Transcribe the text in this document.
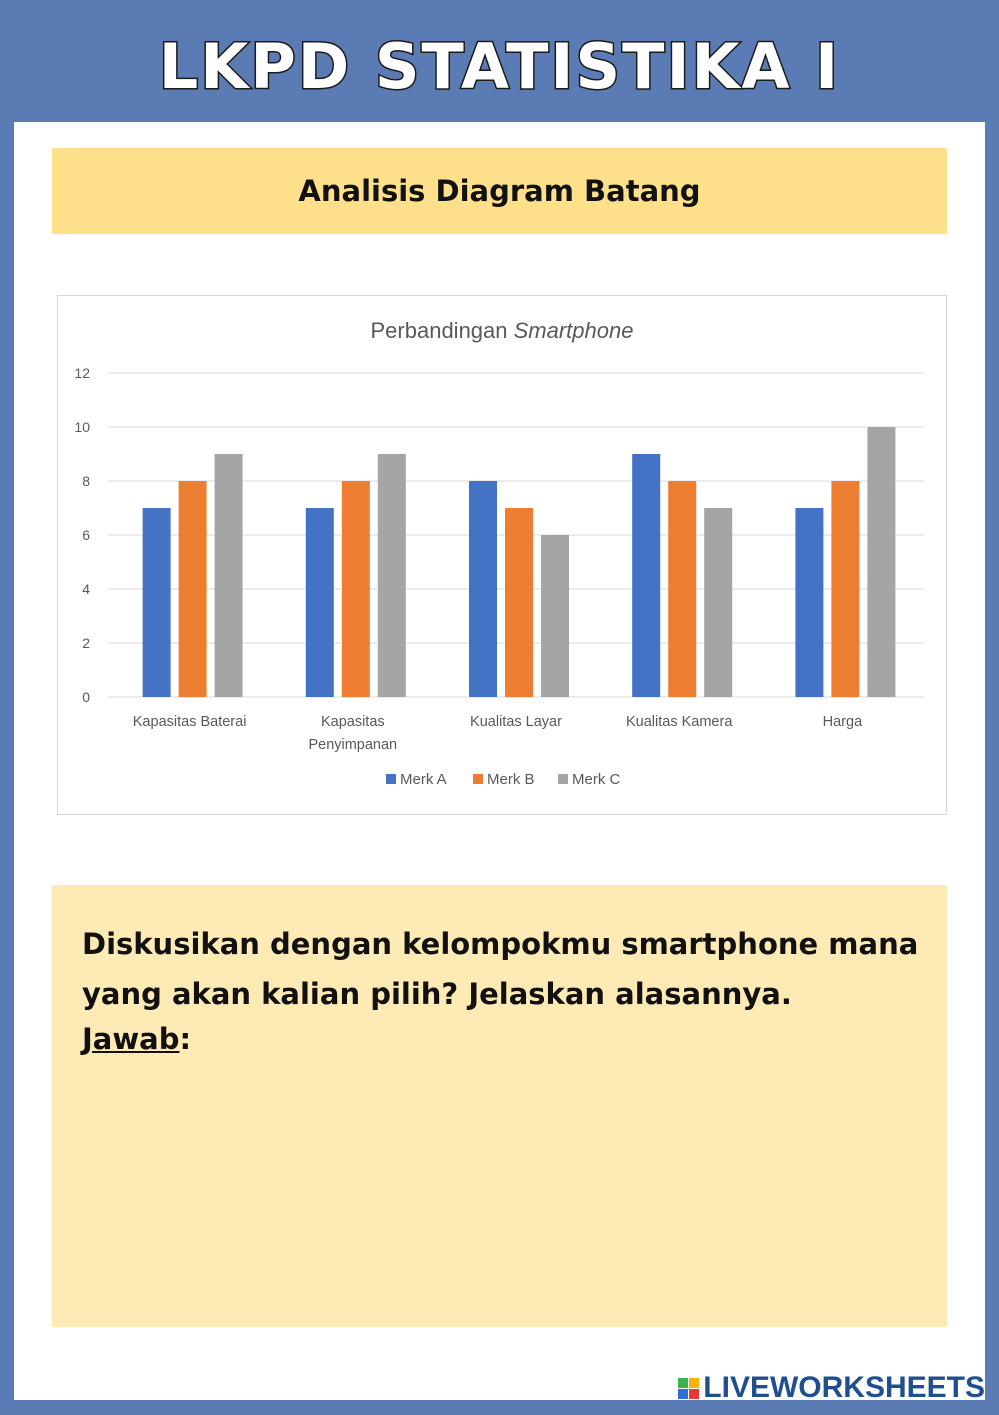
LKPD STATISTIKA I
Analisis Diagram Batang
Perbandingan Smartphone
0
2
4
6
8
10
12
Kapasitas Baterai	Kapasitas
Penyimpanan
Kualitas Layar	Kualitas Kamera	Harga
Merk A	Merk B Merk C
Diskusikan dengan kelompokmu smartphone mana yang akan kalian pilih? Jelaskan alasannya.
Jawab:
LIVEWORKSHEETS
